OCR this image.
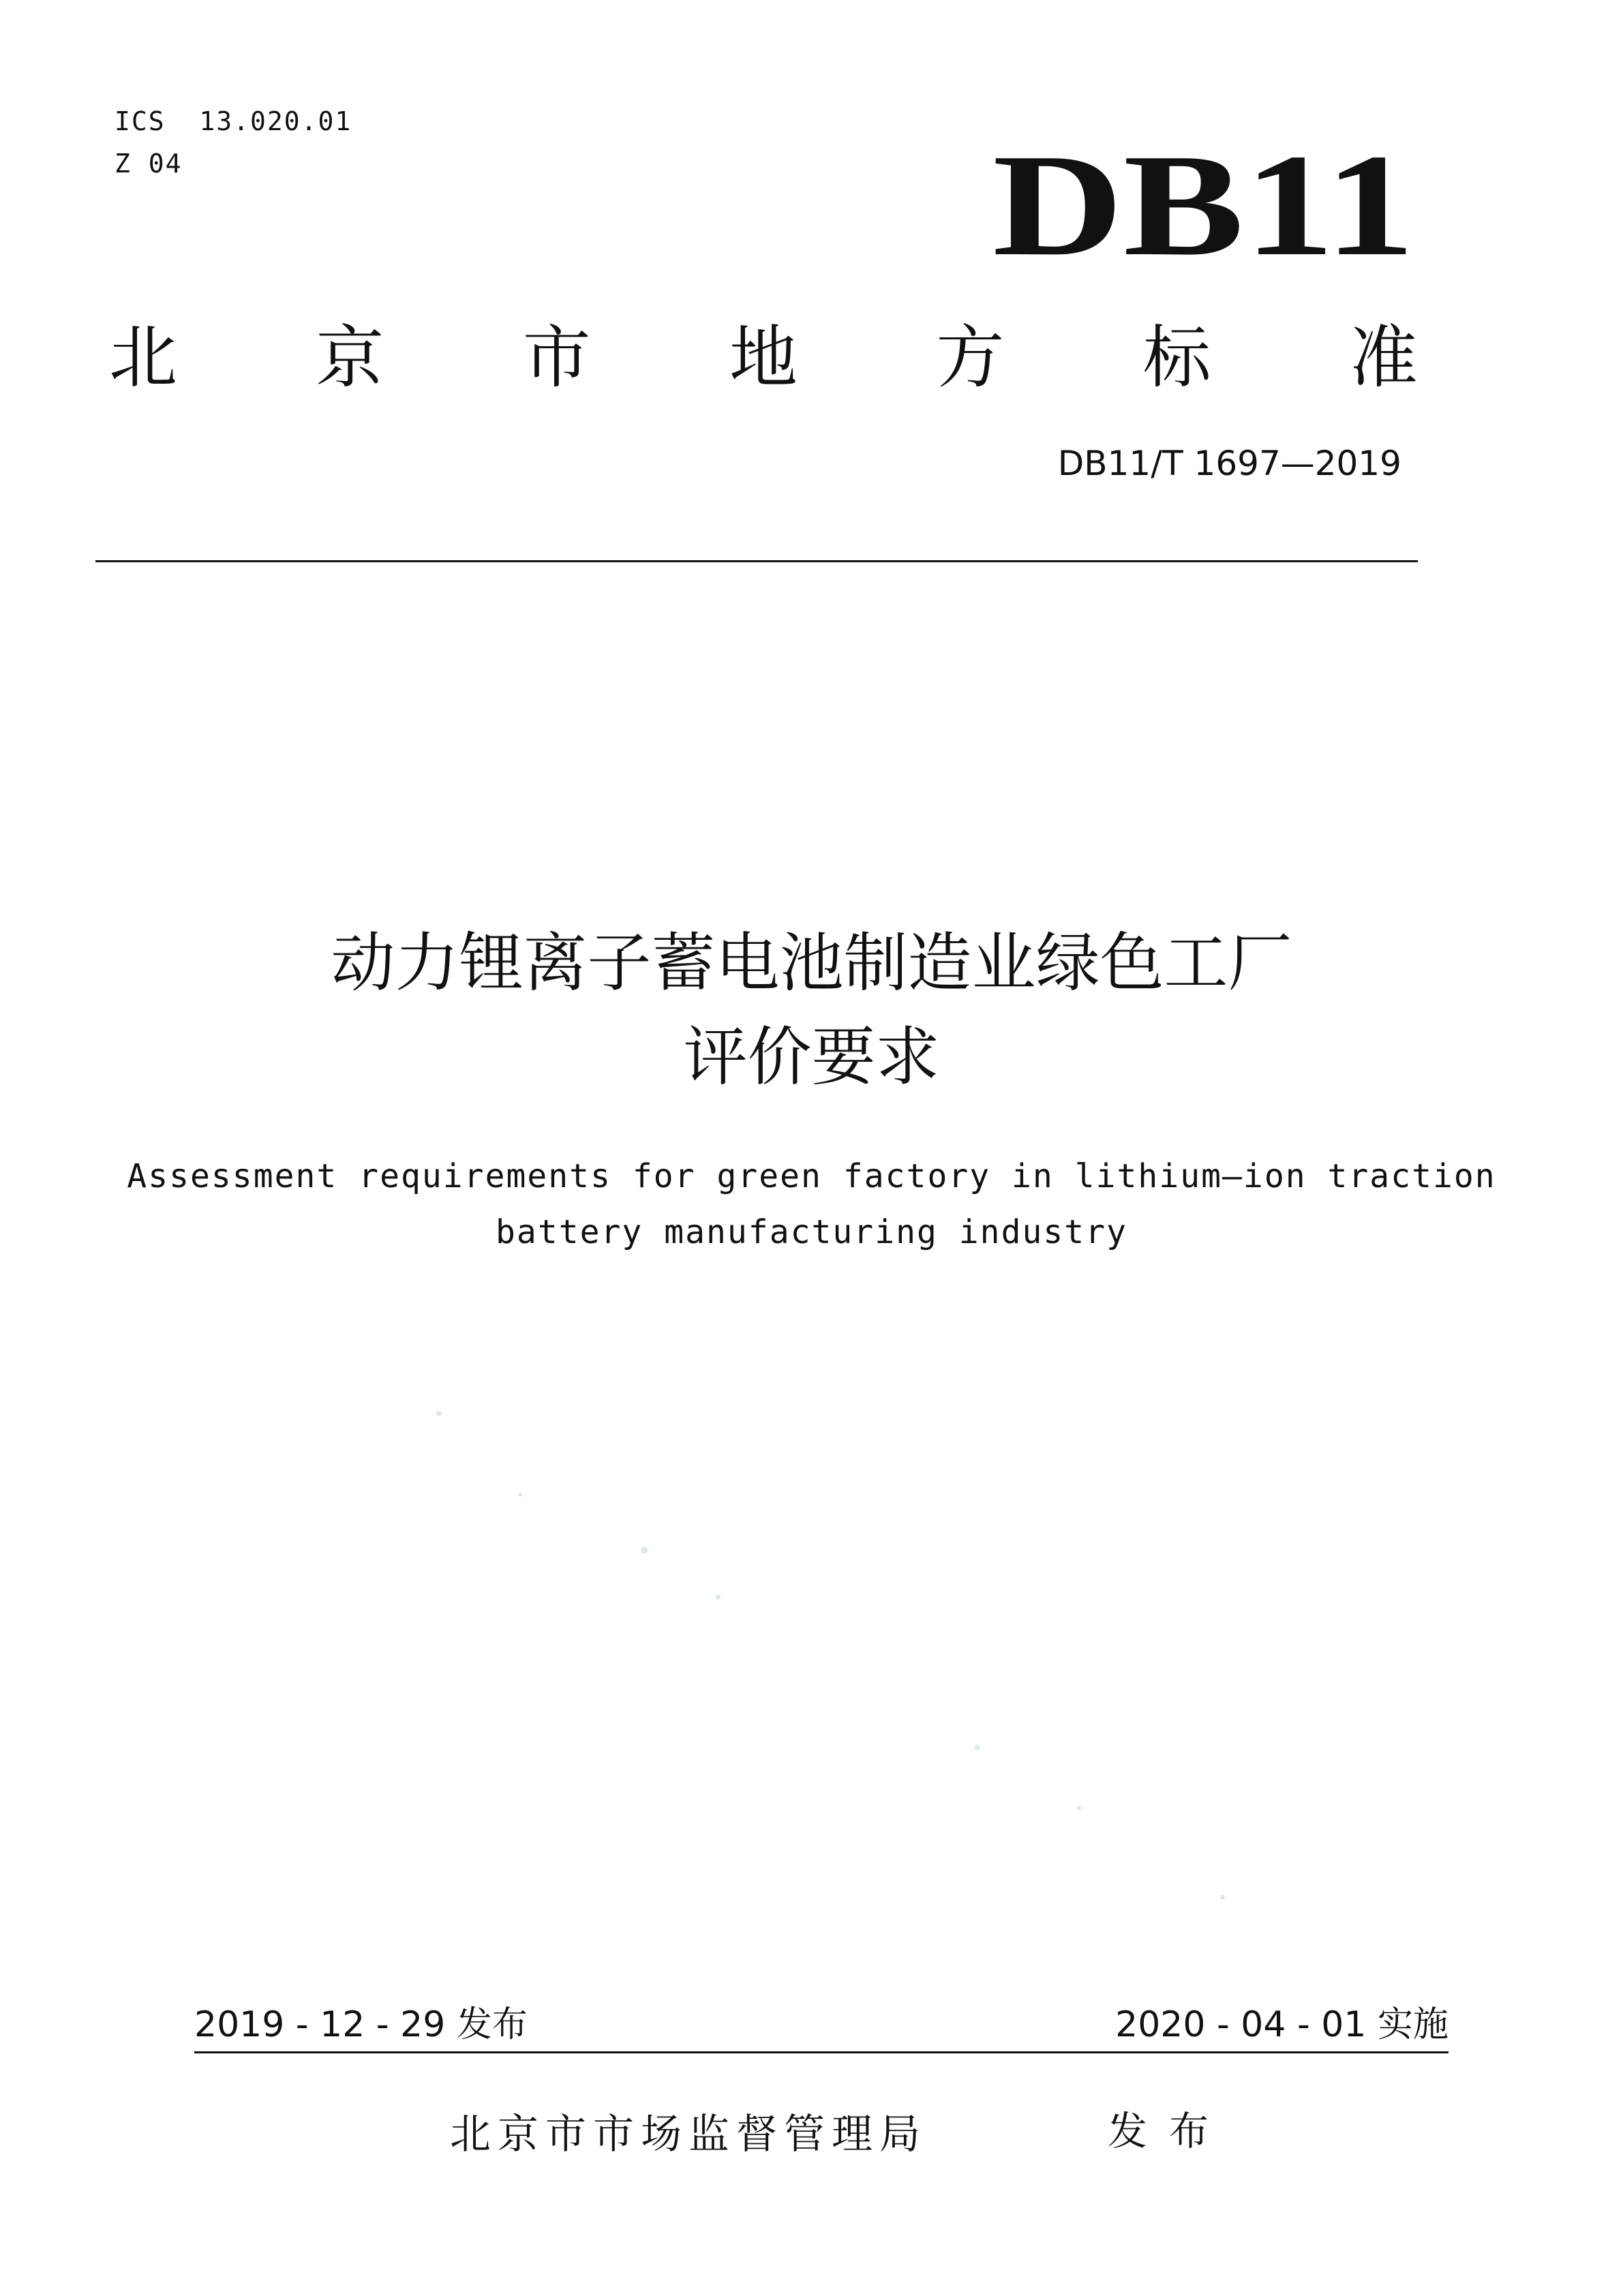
ICS  13.020.01
Z 04	DB11
北 京 市 地 方 标 准
DB11/T 1697—2019
动力锂离子蓄电池制造业绿色工厂
评价要求
Assessment requirements for green factory in lithium—ion traction
battery manufacturing industry
2019 - 12 - 29 发布	2020 - 04 - 01 实施
北京市市场监督管理局	发布
